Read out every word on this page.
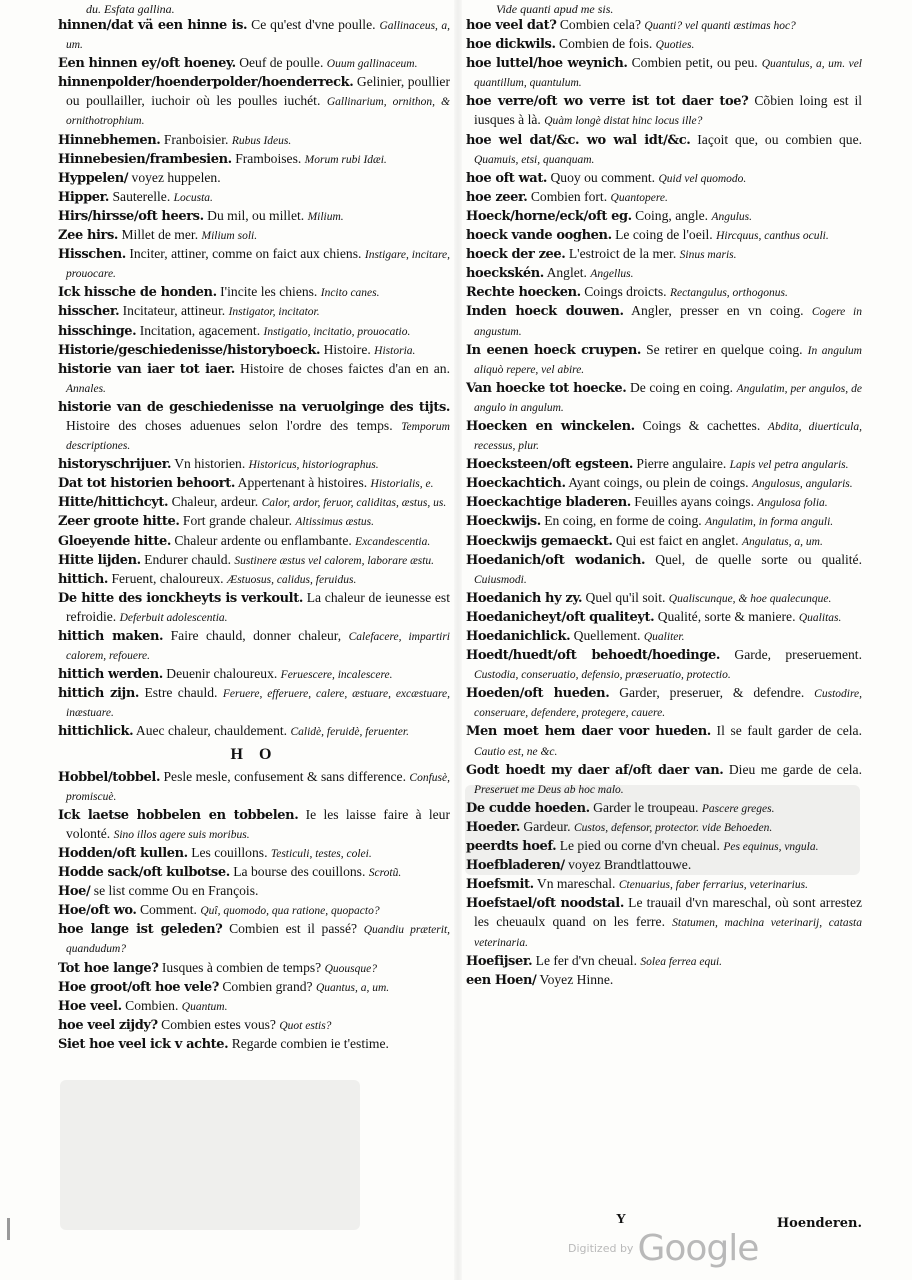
du. Esfata gallina.

hinnen/dat vä een hinne is. Ce qu'est d'vne poulle. Gallinaceus, a, um.

Een hinnen ey/oft hoeney. Oeuf de poulle. Ouum gallinaceum.

hinnenpolder/hoenderpolder/hoenderreck. Gelinier, poullier ou poullailler, iuchoir où les poulles iuchét. Gallinarium, ornithon, & ornithotrophium.

Hinnebhemen. Franboisier. Rubus Ideus.

Hinnebesien/frambesien. Framboises. Morum rubi Idæi.

Hyppelen/ voyez huppelen.

Hipper. Sauterelle. Locusta.

Hirs/hirsse/oft heers. Du mil, ou millet. Milium.

Zee hirs. Millet de mer. Milium soli.

Hisschen. Inciter, attiner, comme on faict aux chiens. Instigare, incitare, prouocare.

Ick hissche de honden. I'incite les chiens. Incito canes.

hisscher. Incitateur, attineur. Instigator, incitator.

hisschinge. Incitation, agacement. Instigatio, incitatio, prouocatio.

Historie/geschiedenisse/historyboeck. Histoire. Historia.

historie van iaer tot iaer. Histoire de choses faictes d'an en an. Annales.

historie van de geschiedenisse na veruolginge des tijts. Histoire des choses aduenues selon l'ordre des temps. Temporum descriptiones.

historyschrijuer. Vn historien. Historicus, historiographus.

Dat tot historien behoort. Appertenant à histoires. Historialis, e.

Hitte/hittichcyt. Chaleur, ardeur. Calor, ardor, feruor, caliditas, æstus, us.

Zeer groote hitte. Fort grande chaleur. Altissimus æstus.

Gloeyende hitte. Chaleur ardente ou enflambante. Excandescentia.

Hitte lijden. Endurer chauld. Sustinere æstus vel calorem, laborare æstu.

hittich. Feruent, chaloureux. Æstuosus, calidus, feruidus.

De hitte des ionckheyts is verkoult. La chaleur de ieunesse est refroidie. Deferbuit adolescentia.

hittich maken. Faire chauld, donner chaleur, Calefacere, impartiri calorem, refouere.

hittich werden. Deuenir chaloureux. Feruescere, incalescere.

hittich zijn. Estre chauld. Feruere, efferuere, calere, æstuare, excæstuare, inæstuare.

hittichlick. Auec chaleur, chauldement. Calidè, feruidè, feruenter.

H O

Hobbel/tobbel. Pesle mesle, confusement & sans difference. Confusè, promiscuè.

Ick laetse hobbelen en tobbelen. Ie les laisse faire à leur volonté. Sino illos agere suis moribus.

Hodden/oft kullen. Les couillons. Testiculi, testes, colei.

Hodde sack/oft kulbotse. La bourse des couillons. Scrotũ.

Hoe/ se list comme Ou en François.

Hoe/oft wo. Comment. Quî, quomodo, qua ratione, quopacto?

hoe lange ist geleden? Combien est il passé? Quandiu præterit, quandudum?

Tot hoe lange? Iusques à combien de temps? Quousque?

Hoe groot/oft hoe vele? Combien grand? Quantus, a, um.

Hoe veel. Combien. Quantum.

hoe veel zijdy? Combien estes vous? Quot estis?

Siet hoe veel ick v achte. Regarde combien ie t'estime.

Vide quanti apud me sis.

hoe veel dat? Combien cela? Quanti? vel quanti æstimas hoc?

hoe dickwils. Combien de fois. Quoties.

hoe luttel/hoe weynich. Combien petit, ou peu. Quantulus, a, um. vel quantillum, quantulum.

hoe verre/oft wo verre ist tot daer toe? Cõbien loing est il iusques à là. Quàm longè distat hinc locus ille?

hoe wel dat/&c. wo wal idt/&c. Iaçoit que, ou combien que. Quamuis, etsi, quanquam.

hoe oft wat. Quoy ou comment. Quid vel quomodo.

hoe zeer. Combien fort. Quantopere.

Hoeck/horne/eck/oft eg. Coing, angle. Angulus.

hoeck vande ooghen. Le coing de l'oeil. Hircquus, canthus oculi.

hoeck der zee. L'estroict de la mer. Sinus maris.

hoeckskén. Anglet. Angellus.

Rechte hoecken. Coings droicts. Rectangulus, orthogonus.

Inden hoeck douwen. Angler, presser en vn coing. Cogere in angustum.

In eenen hoeck cruypen. Se retirer en quelque coing. In angulum aliquò repere, vel abire.

Van hoecke tot hoecke. De coing en coing. Angulatim, per angulos, de angulo in angulum.

Hoecken en winckelen. Coings & cachettes. Abdita, diuerticula, recessus, plur.

Hoecksteen/oft egsteen. Pierre angulaire. Lapis vel petra angularis.

Hoeckachtich. Ayant coings, ou plein de coings. Angulosus, angularis.

Hoeckachtige bladeren. Feuilles ayans coings. Angulosa folia.

Hoeckwijs. En coing, en forme de coing. Angulatim, in forma anguli.

Hoeckwijs gemaeckt. Qui est faict en anglet. Angulatus, a, um.

Hoedanich/oft wodanich. Quel, de quelle sorte ou qualité. Cuiusmodi.

Hoedanich hy zy. Quel qu'il soit. Qualiscunque, & hoe qualecunque.

Hoedanicheyt/oft qualiteyt. Qualité, sorte & maniere. Qualitas.

Hoedanichlick. Quellement. Qualiter.

Hoedt/huedt/oft behoedt/hoedinge. Garde, preseruement. Custodia, conseruatio, defensio, præseruatio, protectio.

Hoeden/oft hueden. Garder, preseruer, & defendre. Custodire, conseruare, defendere, protegere, cauere.

Men moet hem daer voor hueden. Il se fault garder de cela. Cautio est, ne &c.

Godt hoedt my daer af/oft daer van. Dieu me garde de cela. Preseruet me Deus ab hoc malo.

De cudde hoeden. Garder le troupeau. Pascere greges.

Hoeder. Gardeur. Custos, defensor, protector. vide Behoeden.

peerdts hoef. Le pied ou corne d'vn cheual. Pes equinus, vngula.

Hoefbladeren/ voyez Brandtlattouwe.

Hoefsmit. Vn mareschal. Ctenuarius, faber ferrarius, veterinarius.

Hoefstael/oft noodstal. Le trauail d'vn mareschal, où sont arrestez les cheuaulx quand on les ferre. Statumen, machina veterinarij, catasta veterinaria.

Hoefijser. Le fer d'vn cheual. Solea ferrea equi.

een Hoen/ Voyez Hinne.

Y	Hoenderen.
$^{Digitized by}$ Google
